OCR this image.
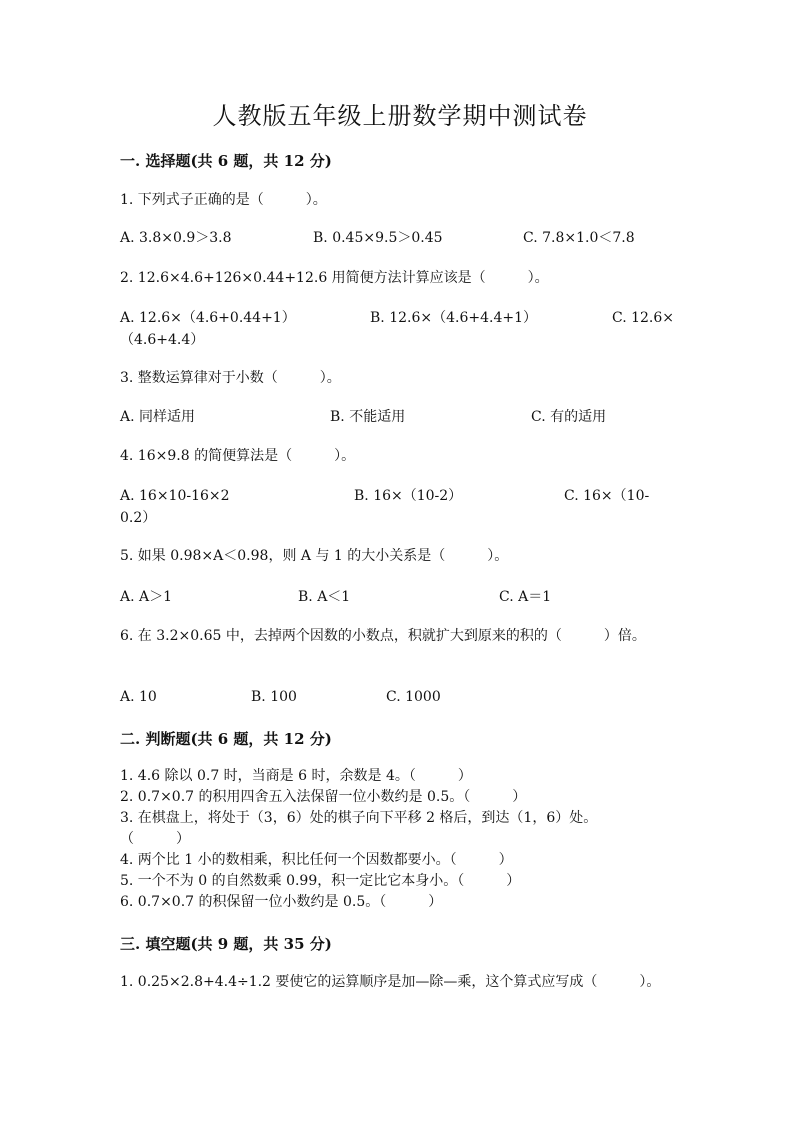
人教版五年级上册数学期中测试卷
一. 选择题(共 6 题，共 12 分)
1. 下列式子正确的是（　　　）。
A. 3.8×0.9＞3.8	B. 0.45×9.5＞0.45	C. 7.8×1.0＜7.8
2. 12.6×4.6+126×0.44+12.6 用简便方法计算应该是（　　　）。
A. 12.6×（4.6+0.44+1）	B. 12.6×（4.6+4.4+1）	C. 12.6×
（4.6+4.4）
3. 整数运算律对于小数（　　　）。
A. 同样适用	B. 不能适用	C. 有的适用
4. 16×9.8 的简便算法是（　　　）。
A. 16×10-16×2	B. 16×（10-2）	C. 16×（10-
0.2）
5. 如果 0.98×A＜0.98，则 A 与 1 的大小关系是（　　　）。
A. A＞1	B. A＜1	C. A＝1
6. 在 3.2×0.65 中，去掉两个因数的小数点，积就扩大到原来的积的（　　　）倍。
A. 10	B. 100	C. 1000
二. 判断题(共 6 题，共 12 分)
1. 4.6 除以 0.7 时，当商是 6 时，余数是 4。（　　　）
2. 0.7×0.7 的积用四舍五入法保留一位小数约是 0.5。（　　　）
3. 在棋盘上，将处于（3，6）处的棋子向下平移 2 格后，到达（1，6）处。
（　　　）
4. 两个比 1 小的数相乘，积比任何一个因数都要小。（　　　）
5. 一个不为 0 的自然数乘 0.99，积一定比它本身小。（　　　）
6. 0.7×0.7 的积保留一位小数约是 0.5。（　　　）
三. 填空题(共 9 题，共 35 分)
1. 0.25×2.8+4.4÷1.2 要使它的运算顺序是加—除—乘，这个算式应写成（　　　）。
